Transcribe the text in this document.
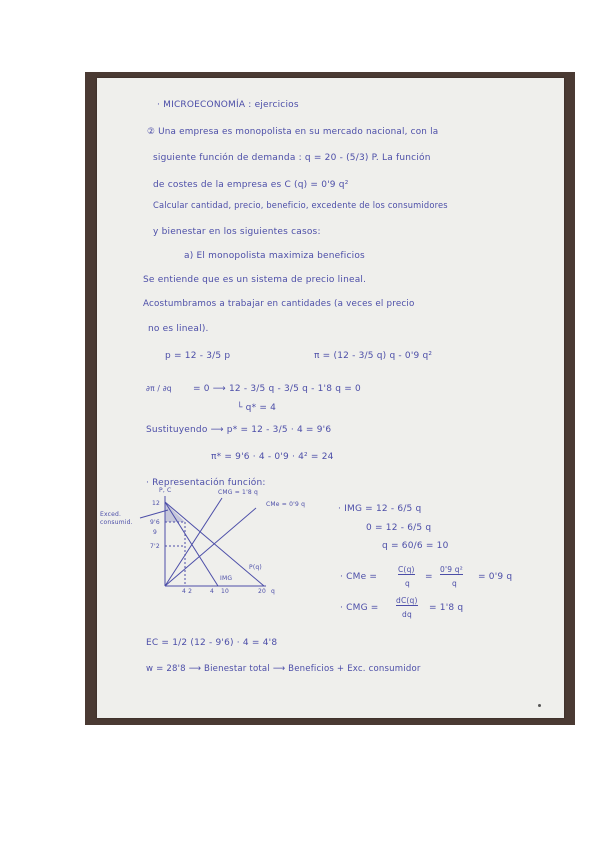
· MICROECONOMÍA : ejercicios
② Una empresa es monopolista en su mercado nacional, con la
siguiente función de demanda : q = 20 - (5/3) P. La función
de costes de la empresa es C (q) = 0'9 q²
Calcular cantidad, precio, beneficio, excedente de los consumidores
y bienestar en los siguientes casos:
a) El monopolista maximiza beneficios
Se entiende que es un sistema de precio lineal.
Acostumbramos a trabajar en cantidades (a veces el precio
no es lineal).
p = 12 - 3/5 p	π = (12 - 3/5 q) q - 0'9 q²
∂π / ∂q = 0 ⟶ 12 - 3/5 q - 3/5 q - 1'8 q = 0
└ q* = 4
Sustituyendo ⟶ p* = 12 - 3/5 · 4 = 9'6
π* = 9'6 · 4 - 0'9 · 4² = 24
· Representación función:
P, C	CMG = 1'8 q
CMe = 0'9 q
Exced. consumid.
IMG
P(q)
12
9'6
9
7'2
4 2	4 10	20 q
· IMG = 12 - 6/5 q
0 = 12 - 6/5 q
q = 60/6 = 10
· CMe =
C(q)
q
=
0'9 q²
q
= 0'9 q
· CMG =
dC(q)
dq
= 1'8 q
EC = 1/2 (12 - 9'6) · 4 = 4'8
w = 28'8 ⟶ Bienestar total ⟶ Beneficios + Exc. consumidor
